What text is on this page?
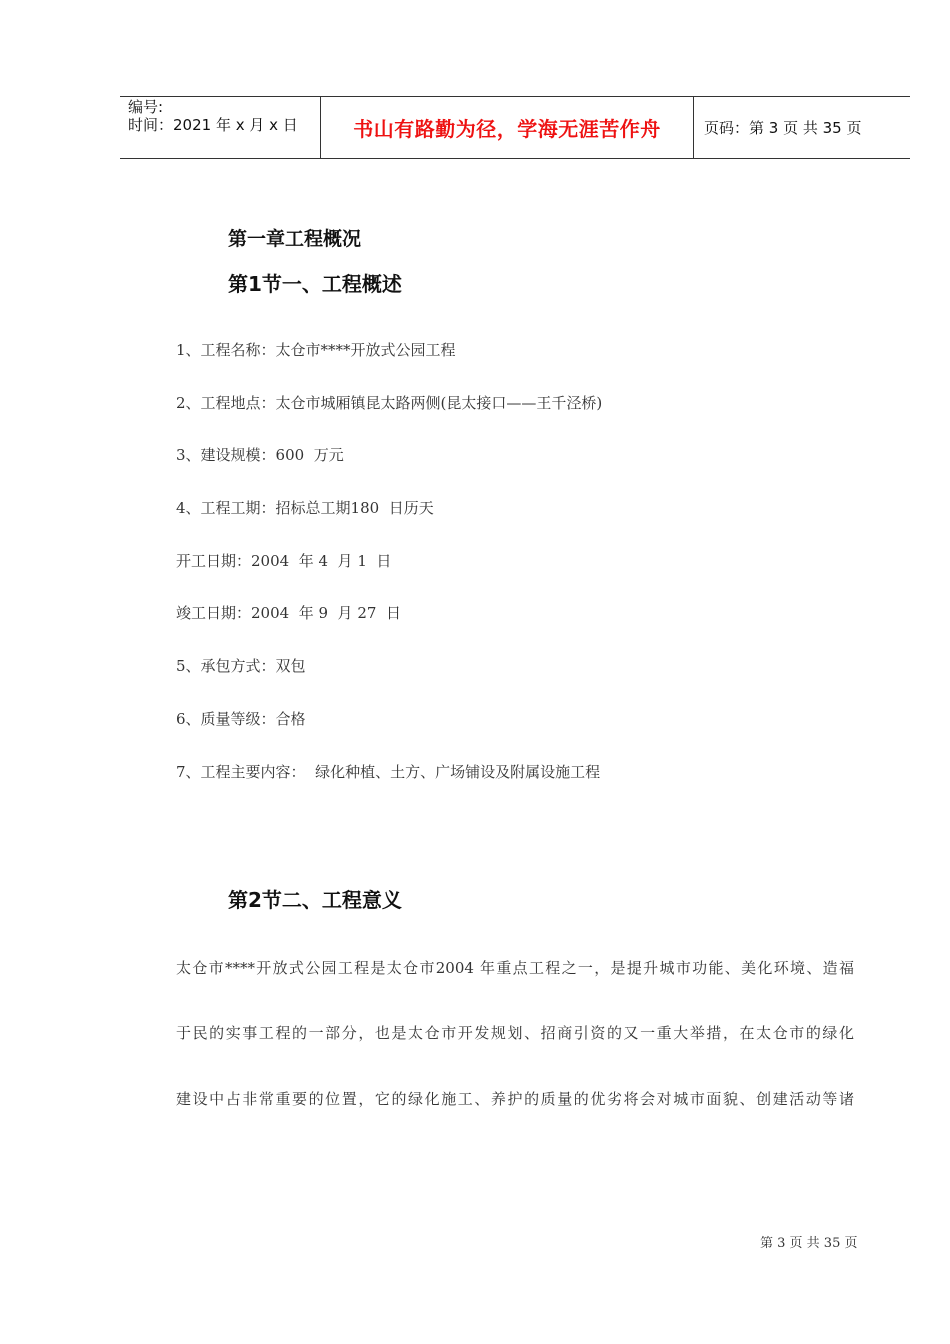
编号:
时间：2021 年 x 月 x 日	书山有路勤为径，学海无涯苦作舟	页码：第 3 页 共 35 页
第一章工程概况
第1节一、工程概述
1、工程名称：太仓市****开放式公园工程
2、工程地点：太仓市城厢镇昆太路两侧(昆太接口——王千泾桥)
3、建设规模：600  万元
4、工程工期：招标总工期180  日历天
开工日期：2004  年 4  月 1  日
竣工日期：2004  年 9  月 27  日
5、承包方式：双包
6、质量等级：合格
7、工程主要内容：  绿化种植、土方、广场铺设及附属设施工程
第2节二、工程意义
太仓市****开放式公园工程是太仓市2004 年重点工程之一，是提升城市功能、美化环境、造福
于民的实事工程的一部分，也是太仓市开发规划、招商引资的又一重大举措，在太仓市的绿化
建设中占非常重要的位置，它的绿化施工、养护的质量的优劣将会对城市面貌、创建活动等诸
第 3 页 共 35 页
